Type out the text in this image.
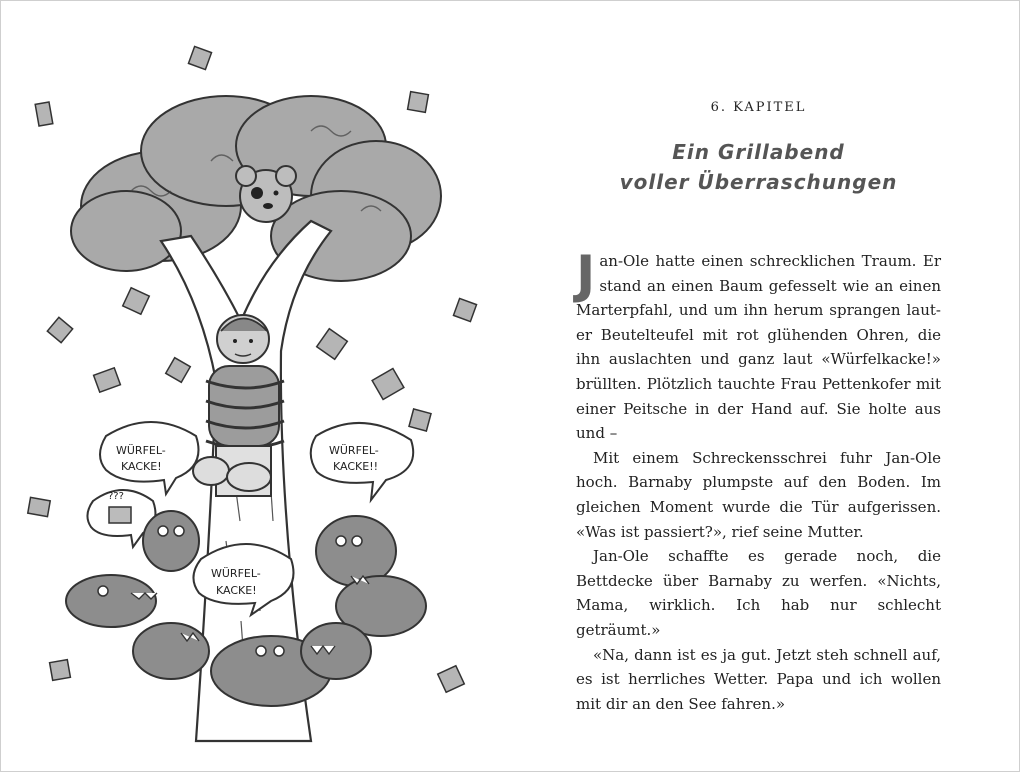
WÜRFEL-
KACKE!
WÜRFEL-
KACKE!!
WÜRFEL-
KACKE!
???
6. KAPITEL
Ein Grillabend
voller Überraschungen

Jan-Ole hatte einen schrecklichen Traum. Er stand an einen Baum gefesselt wie an einen Marterpfahl, und um ihn herum sprangen lauter Beutelteufel mit rot glühenden Ohren, die ihn auslachten und ganz laut «Würfelkacke!» brüllten. Plötzlich tauchte Frau Pettenkofer mit einer Peitsche in der Hand auf. Sie holte aus und –

Mit einem Schreckensschrei fuhr Jan-Ole hoch. Barnaby plumpste auf den Boden. Im gleichen Moment wurde die Tür aufgerissen. «Was ist passiert?», rief seine Mutter.

Jan-Ole schaffte es gerade noch, die Bettdecke über Barnaby zu werfen. «Nichts, Mama, wirklich. Ich hab nur schlecht geträumt.»

«Na, dann ist es ja gut. Jetzt steh schnell auf, es ist herrliches Wetter. Papa und ich wollen mit dir an den See fahren.»
